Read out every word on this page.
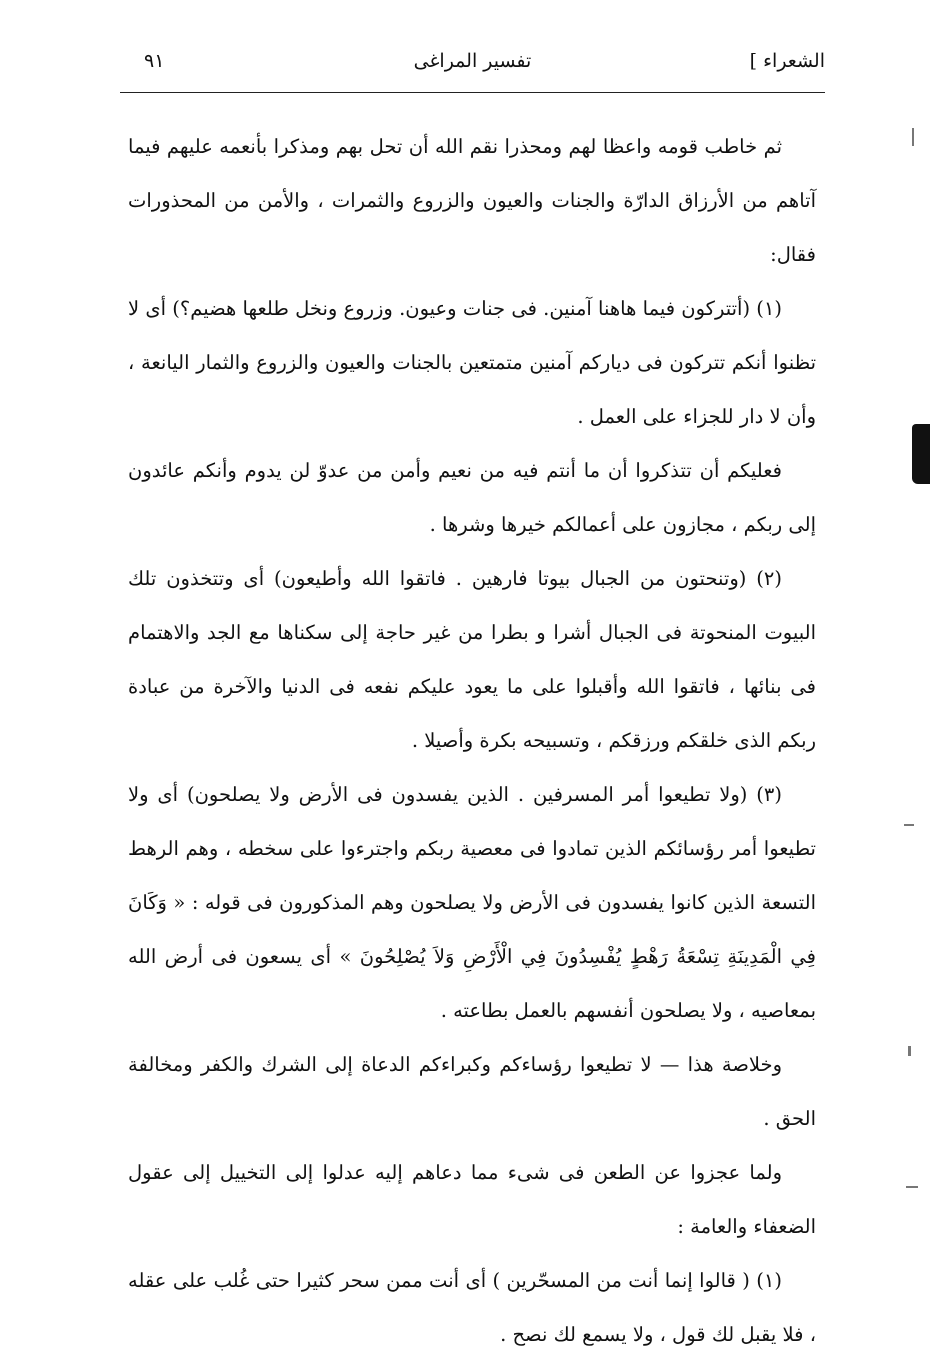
الشعراء ]
تفسير المراغى
٩١

ثم خاطب قومه واعظا لهم ومحذرا نقم الله أن تحل بهم ومذكرا بأنعمه عليهم فيما آتاهم من الأرزاق الدارّة والجنات والعيون والزروع والثمرات ، والأمن من المحذورات فقال:

(١) (أتتركون فيما هاهنا آمنين. فى جنات وعيون. وزروع ونخل طلعها هضيم؟) أى لا تظنوا أنكم تتركون فى دياركم آمنين متمتعين بالجنات والعيون والزروع والثمار اليانعة ، وأن لا دار للجزاء على العمل .

فعليكم أن تتذكروا أن ما أنتم فيه من نعيم وأمن من عدوّ لن يدوم وأنكم عائدون إلى ربكم ، مجازون على أعمالكم خيرها وشرها .

(٢) (وتنحتون من الجبال بيوتا فارهين . فاتقوا الله وأطيعون) أى وتتخذون تلك البيوت المنحوتة فى الجبال أشرا و بطرا من غير حاجة إلى سكناها مع الجد والاهتمام فى بنائها ، فاتقوا الله وأقبلوا على ما يعود عليكم نفعه فى الدنيا والآخرة من عبادة ربكم الذى خلقكم ورزقكم ، وتسبيحه بكرة وأصيلا .

(٣) (ولا تطيعوا أمر المسرفين . الذين يفسدون فى الأرض ولا يصلحون) أى ولا تطيعوا أمر رؤسائكم الذين تمادوا فى معصية ربكم واجترءوا على سخطه ، وهم الرهط التسعة الذين كانوا يفسدون فى الأرض ولا يصلحون وهم المذكورون فى قوله : « وَكَانَ فِي الْمَدِينَةِ تِسْعَةُ رَهْطٍ يُفْسِدُونَ فِي الْأَرْضِ وَلاَ يُصْلِحُونَ » أى يسعون فى أرض الله بمعاصيه ، ولا يصلحون أنفسهم بالعمل بطاعته .

وخلاصة هذا — لا تطيعوا رؤساءكم وكبراءكم الدعاة إلى الشرك والكفر ومخالفة الحق .

ولما عجزوا عن الطعن فى شىء مما دعاهم إليه عدلوا إلى التخييل إلى عقول الضعفاء والعامة :

(١) ( قالوا إنما أنت من المسحّرين ) أى أنت ممن سحر كثيرا حتى غُلب على عقله ، فلا يقبل لك قول ، ولا يسمع لك نصح .
